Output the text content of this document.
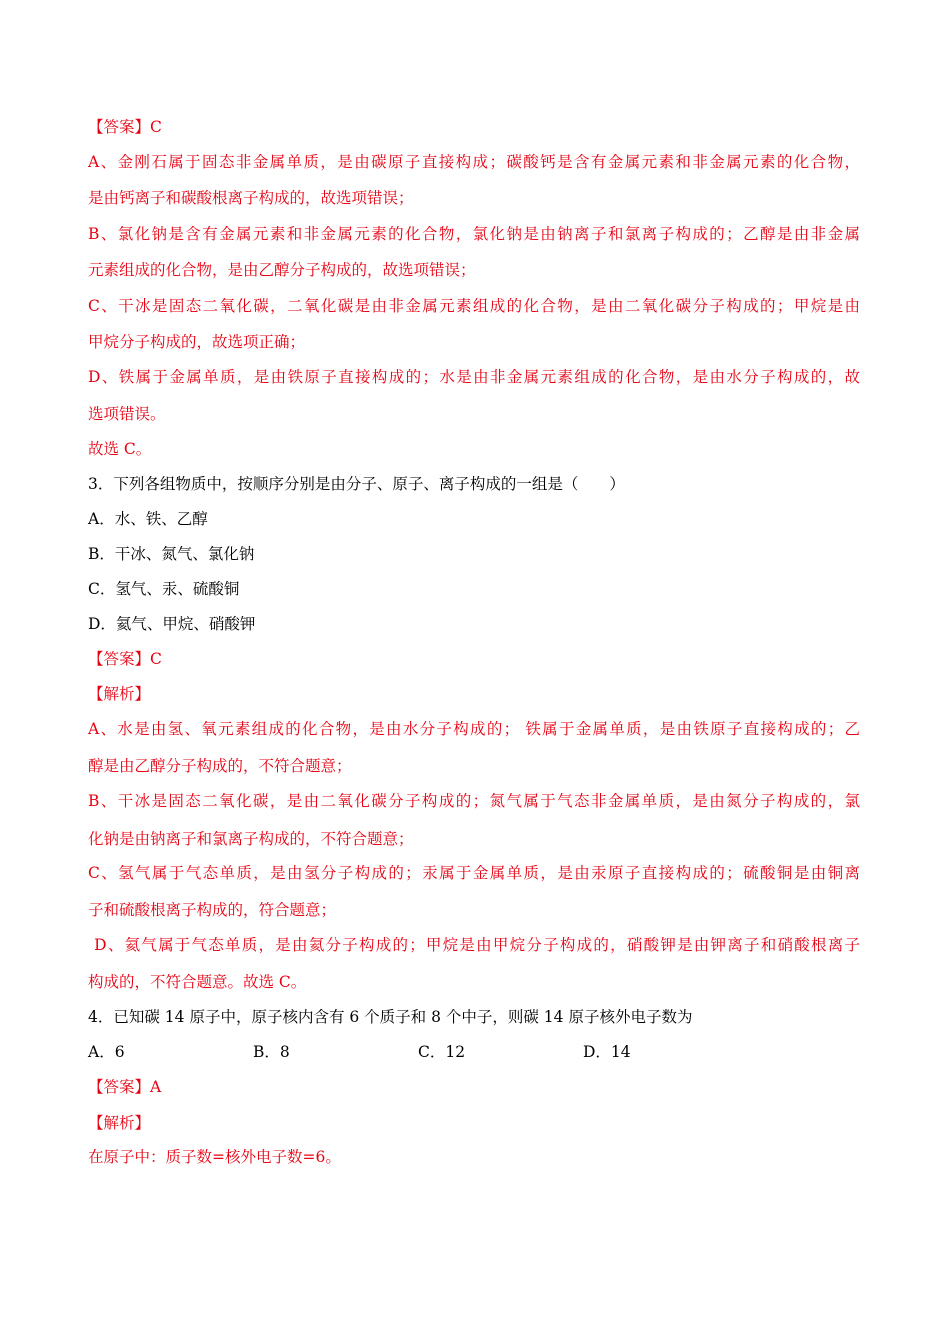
【答案】C
A、金刚石属于固态非金属单质，是由碳原子直接构成；碳酸钙是含有金属元素和非金属元素的化合物，
是由钙离子和碳酸根离子构成的，故选项错误；
B、氯化钠是含有金属元素和非金属元素的化合物，氯化钠是由钠离子和氯离子构成的；乙醇是由非金属
元素组成的化合物，是由乙醇分子构成的，故选项错误；
C、干冰是固态二氧化碳，二氧化碳是由非金属元素组成的化合物，是由二氧化碳分子构成的；甲烷是由
甲烷分子构成的，故选项正确；
D、铁属于金属单质，是由铁原子直接构成的；水是由非金属元素组成的化合物，是由水分子构成的，故
选项错误。
故选 C。
3．下列各组物质中，按顺序分别是由分子、原子、离子构成的一组是（　　）
A．水、铁、乙醇
B．干冰、氮气、氯化钠
C．氢气、汞、硫酸铜
D．氦气、甲烷、硝酸钾
【答案】C
【解析】
A、水是由氢、氧元素组成的化合物，是由水分子构成的； 铁属于金属单质，是由铁原子直接构成的；乙
醇是由乙醇分子构成的，不符合题意；
B、干冰是固态二氧化碳，是由二氧化碳分子构成的；氮气属于气态非金属单质，是由氮分子构成的，氯
化钠是由钠离子和氯离子构成的，不符合题意；
C、氢气属于气态单质，是由氢分子构成的；汞属于金属单质，是由汞原子直接构成的；硫酸铜是由铜离
子和硫酸根离子构成的，符合题意；
D、氦气属于气态单质，是由氦分子构成的；甲烷是由甲烷分子构成的，硝酸钾是由钾离子和硝酸根离子
构成的，不符合题意。故选 C。
4．已知碳 14 原子中，原子核内含有 6 个质子和 8 个中子，则碳 14 原子核外电子数为
A．6	B．8	C．12	D．14
【答案】A
【解析】
在原子中：质子数=核外电子数=6。
